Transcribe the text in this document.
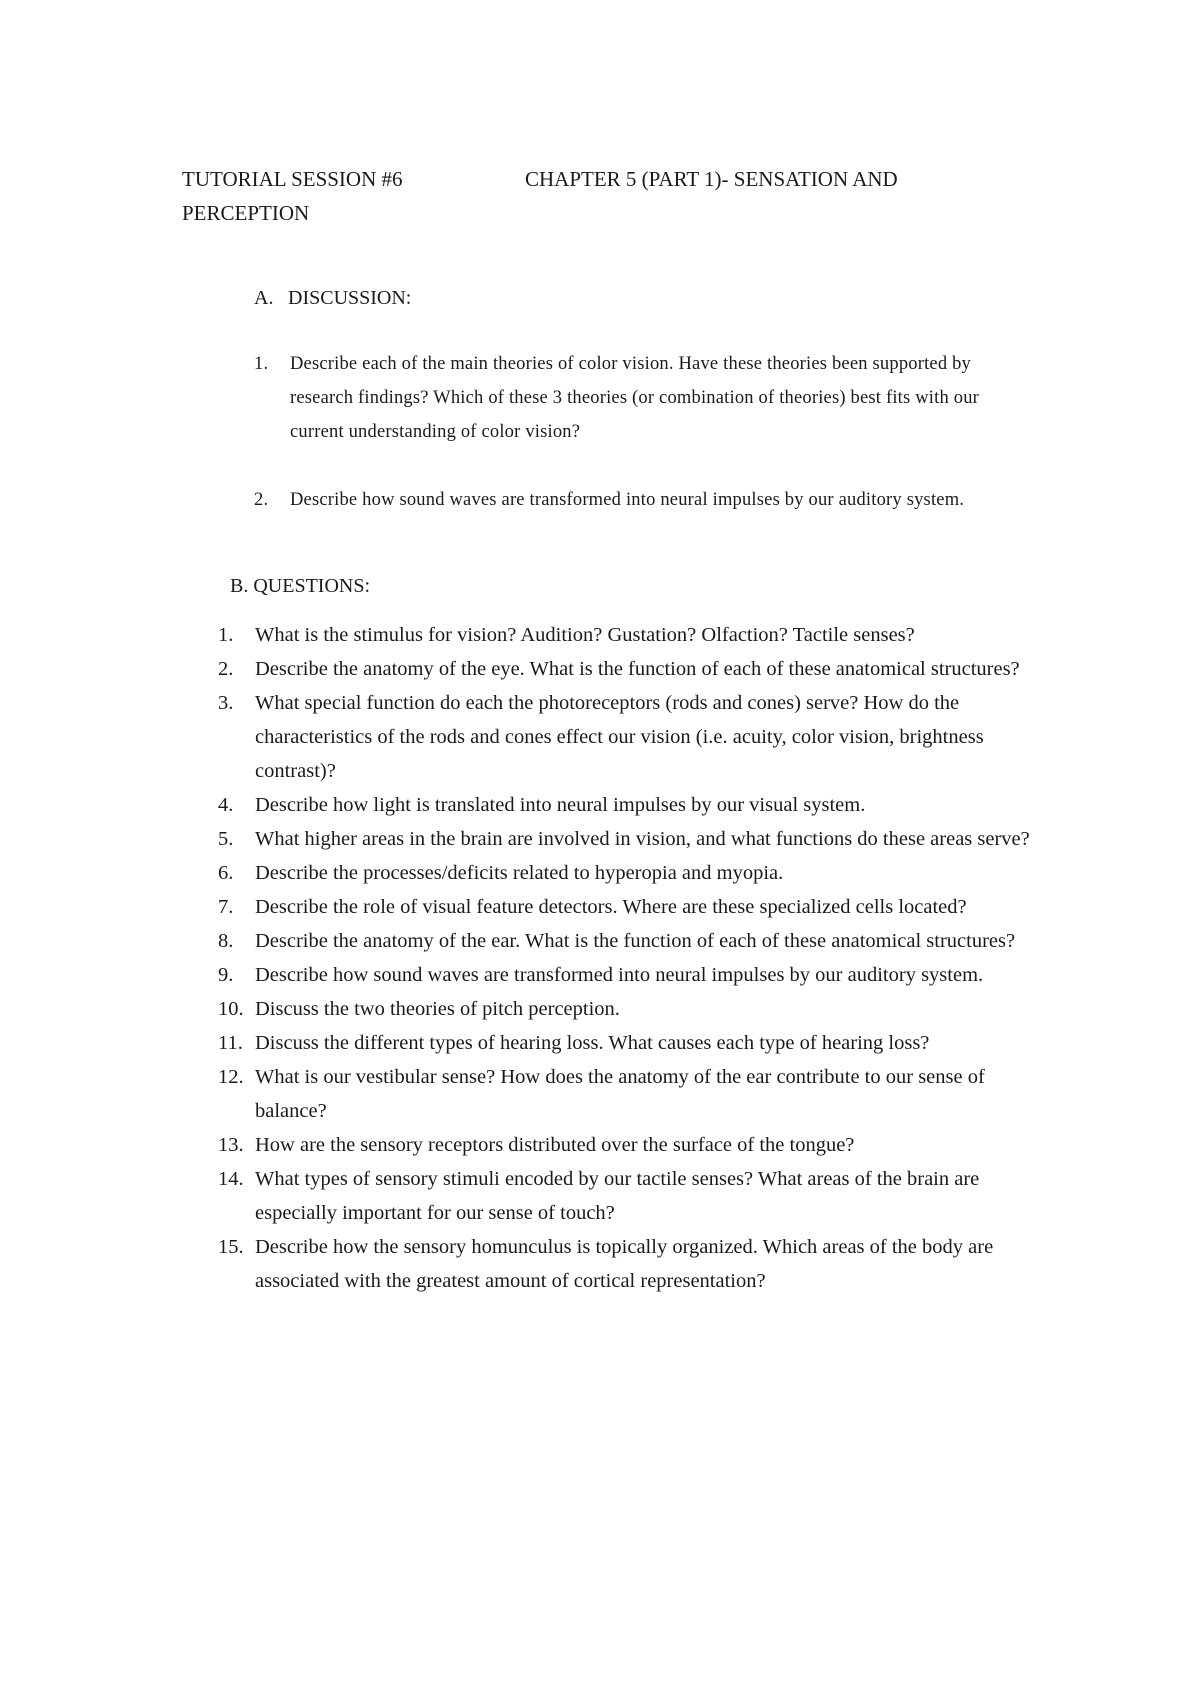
TUTORIAL SESSION #6	CHAPTER 5 (PART 1)- SENSATION AND
PERCEPTION
A. DISCUSSION:
1.	Describe each of the main theories of color vision. Have these theories been supported by research findings? Which of these 3 theories (or combination of theories) best fits with our current understanding of color vision?
2.	Describe how sound waves are transformed into neural impulses by our auditory system.
B. QUESTIONS:
1.	What is the stimulus for vision? Audition? Gustation? Olfaction? Tactile senses?
2.	Describe the anatomy of the eye. What is the function of each of these anatomical structures?
3.	What special function do each the photoreceptors (rods and cones) serve? How do the characteristics of the rods and cones effect our vision (i.e. acuity, color vision, brightness contrast)?
4.	Describe how light is translated into neural impulses by our visual system.
5.	What higher areas in the brain are involved in vision, and what functions do these areas serve?
6.	Describe the processes/deficits related to hyperopia and myopia.
7.	Describe the role of visual feature detectors. Where are these specialized cells located?
8.	Describe the anatomy of the ear. What is the function of each of these anatomical structures?
9.	Describe how sound waves are transformed into neural impulses by our auditory system.
10. Discuss the two theories of pitch perception.
11. Discuss the different types of hearing loss. What causes each type of hearing loss?
12. What is our vestibular sense? How does the anatomy of the ear contribute to our sense of balance?
13. How are the sensory receptors distributed over the surface of the tongue?
14. What types of sensory stimuli encoded by our tactile senses? What areas of the brain are especially important for our sense of touch?
15. Describe how the sensory homunculus is topically organized. Which areas of the body are associated with the greatest amount of cortical representation?
